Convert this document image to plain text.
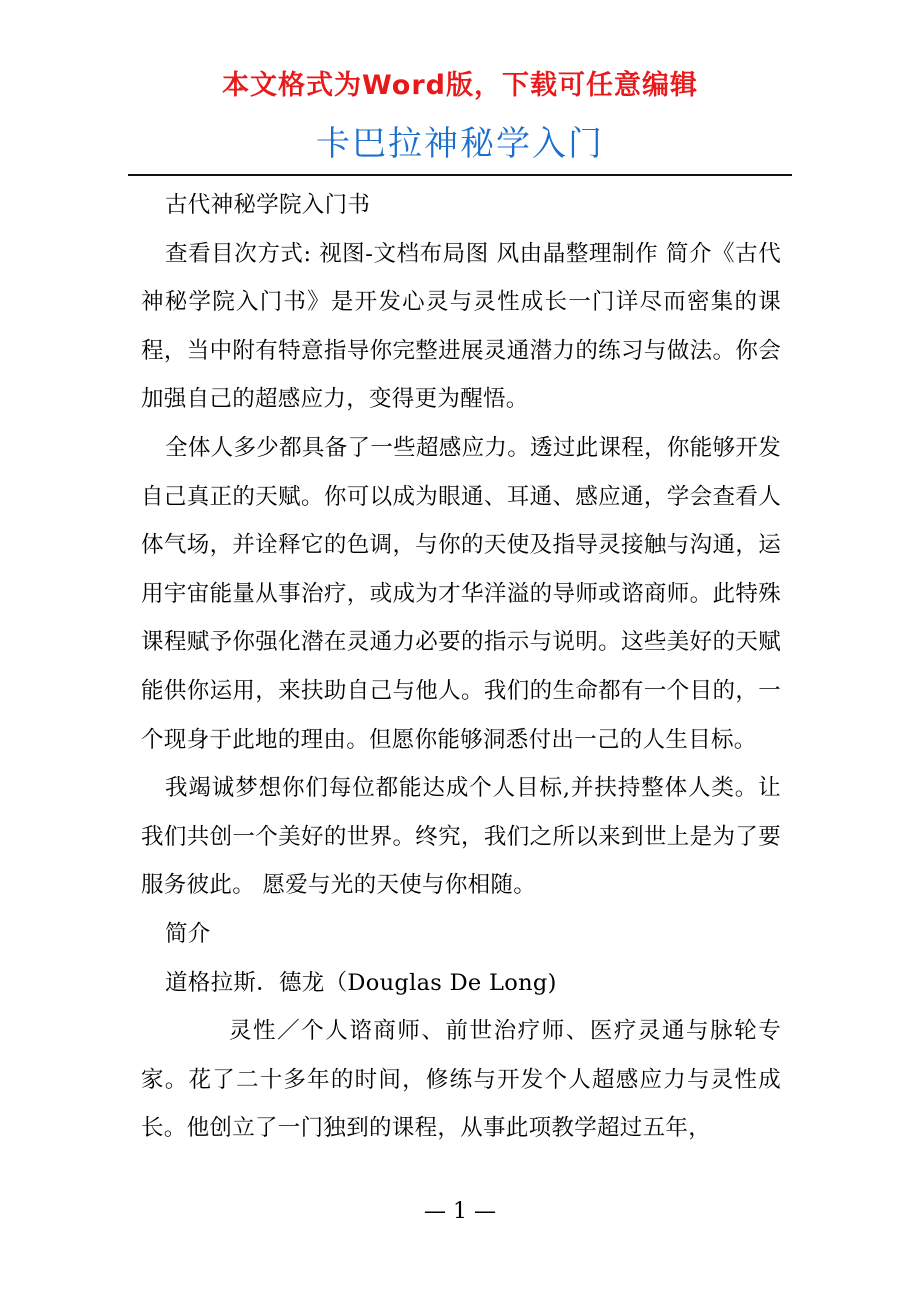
本文格式为Word版，下载可任意编辑
卡巴拉神秘学入门

古代神秘学院入门书

查看目次方式: 视图-文档布局图 风由晶整理制作 简介《古代神秘学院入门书》是开发心灵与灵性成长一门详尽而密集的课程，当中附有特意指导你完整进展灵通潜力的练习与做法。你会加强自己的超感应力，变得更为醒悟。

全体人多少都具备了一些超感应力。透过此课程，你能够开发自己真正的天赋。你可以成为眼通、耳通、感应通，学会查看人体气场，并诠释它的色调，与你的天使及指导灵接触与沟通，运用宇宙能量从事治疗，或成为才华洋溢的导师或谘商师。此特殊课程赋予你强化潜在灵通力必要的指示与说明。这些美好的天赋能供你运用，来扶助自己与他人。我们的生命都有一个目的，一个现身于此地的理由。但愿你能够洞悉付出一己的人生目标。

我竭诚梦想你们每位都能达成个人目标,并扶持整体人类。让我们共创一个美好的世界。终究，我们之所以来到世上是为了要服务彼此。 愿爱与光的天使与你相随。

简介

道格拉斯．德龙（Douglas De Long)

灵性／个人谘商师、前世治疗师、医疗灵通与脉轮专家。花了二十多年的时间，修练与开发个人超感应力与灵性成长。他创立了一门独到的课程，从事此项教学超过五年，

— 1 —
